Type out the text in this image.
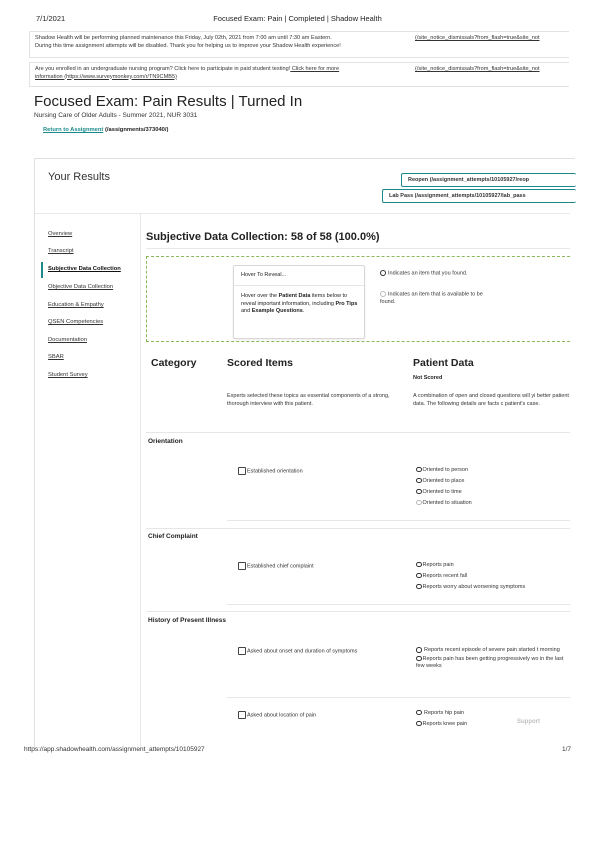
7/1/2021	Focused Exam: Pain | Completed | Shadow Health
Shadow Health will be performing planned maintenance this Friday, July 02th, 2021 from 7:00 am until 7:30 am Eastern.
During this time assignment attempts will be disabled. Thank you for helping us to improve your Shadow Health experience!
(/site_notice_dismissals?from_flash=true&site_not
Are you enrolled in an undergraduate nursing program? Click here to participate in paid student testing! Click here for more
information (https://www.surveymonkey.com/r/TN9CMB5)
(/site_notice_dismissals?from_flash=true&site_not
Focused Exam: Pain Results | Turned In
Nursing Care of Older Adults - Summer 2021, NUR 3031
Return to Assignment (/assignments/373040/)
Your Results	Reopen (/assignment_attempts/10105927/reop
Lab Pass (/assignment_attempts/10105927/lab_pass
Overview
Transcript
Subjective Data Collection
Objective Data Collection
Education & Empathy
QSEN Competencies
Documentation
SBAR
Student Survey
Subjective Data Collection: 58 of 58 (100.0%)
Hover To Reveal...
Hover over the Patient Data items below to reveal important information, including Pro Tips and Example Questions.
Indicates an item that you found.
Indicates an item that is available to be found.
Category	Scored Items	Patient Data
Not Scored
Experts selected these topics as essential components of a strong, thorough interview with this patient.
A combination of open and closed questions will yi better patient data. The following details are facts c patient's case.
Orientation
Established orientation	Oriented to person
Oriented to place
Oriented to time
Oriented to situation
Chief Complaint
Established chief complaint	Reports pain
Reports recent fall
Reports worry about worsening symptoms
History of Present Illness
Asked about onset and duration of symptoms	Reports recent episode of severe pain started t morning
Reports pain has been getting progressively wo in the last few weeks
Asked about location of pain	Reports hip pain
Reports knee pain	Support
https://app.shadowhealth.com/assignment_attempts/10105927	1/7
